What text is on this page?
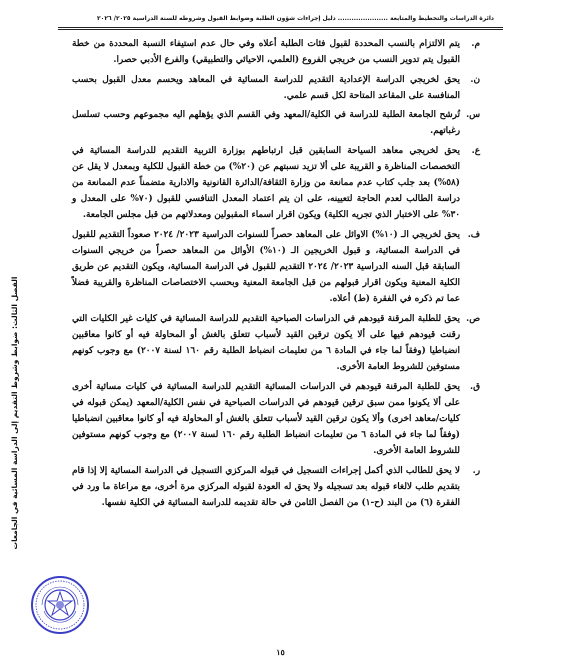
دائرة الدراسات والتخطيط والمتابعة ...................... دليل إجراءات شؤون الطلبة وضوابط القبول وشروطه للسنة الدراسية ٢٠٢٥/ ٢٠٢٦
الفصل الثالث: ضوابط وشروط التقديم إلى الدراسة المسائية في الجامعات
م.
يتم الالتزام بالنسب المحددة لقبول فئات الطلبة أعلاه وفي حال عدم استيفاء النسبة المحددة من خطة القبول يتم تدوير النسب من خريجي الفروع (العلمي، الاحيائي والتطبيقي) والفرع الأدبي حصرا.
ن.
يحق لخريجي الدراسة الإعدادية التقديم للدراسة المسائية في المعاهد ويحسم معدل القبول بحسب المنافسة على المقاعد المتاحة لكل قسم علمي.
س.
تُرشح الجامعة الطلبة للدراسة في الكلية/المعهد وفي القسم الذي يؤهلهم اليه مجموعهم وحسب تسلسل رغباتهم.
ع.
يحق لخريجي معاهد السياحة السابقين قبل ارتباطهم بوزارة التربية التقديم للدراسة المسائية في التخصصات المناظرة و القريبة على ألا تزيد نسبتهم عن (٢٠%) من خطة القبول للكلية وبمعدل لا يقل عن (٥٨%) بعد جلب كتاب عدم ممانعة من وزارة الثقافة/الدائرة القانونية والادارية متضمناً عدم الممانعة من دراسة الطالب لعدم الحاجة لتعيينه، على ان يتم اعتماد المعدل التنافسي للقبول (٧٠% على المعدل و ٣٠% على الاختبار الذي تجريه الكلية) ويكون اقرار اسماء المقبولين ومعدلاتهم من قبل مجلس الجامعة.
ف.
يحق لخريجي الـ (١٠%) الاوائل على المعاهد حصراً للسنوات الدراسية ٢٠٢٣/ ٢٠٢٤ صعوداً التقديم للقبول في الدراسة المسائية، و قبول الخريجين الـ (١٠%) الأوائل من المعاهد حصراً من خريجي السنوات السابقة قبل السنه الدراسية ٢٠٢٣/ ٢٠٢٤ التقديم للقبول في الدراسة المسائية، ويكون التقديم عن طريق الكلية المعنية ويكون اقرار قبولهم من قبل الجامعة المعنية وبحسب الاختصاصات المناظرة والقريبة فضلاً عما تم ذكره في الفقرة (ط) أعلاه.
ص.
يحق للطلبة المرقنة قيودهم في الدراسات الصباحية التقديم للدراسة المسائية في كليات غير الكليات التي رقنت قيودهم فيها على ألا يكون ترقين القيد لأسباب تتعلق بالغش أو المحاولة فيه أو كانوا معاقبين انضباطيا (وفقاً لما جاء في المادة ٦ من تعليمات انضباط الطلبة رقم ١٦٠ لسنة ٢٠٠٧) مع وجوب كونهم مستوفين للشروط العامة الأخرى.
ق.
يحق للطلبة المرقنة قيودهم في الدراسات المسائية التقديم للدراسة المسائية في كليات مسائية أخرى على ألا يكونوا ممن سبق ترقين قيودهم في الدراسات الصباحية في نفس الكلية/المعهد (يمكن قبوله في كليات/معاهد اخرى) وألا يكون ترقين القيد لأسباب تتعلق بالغش أو المحاولة فيه أو كانوا معاقبين انضباطيا (وفقاً لما جاء في المادة ٦ من تعليمات انضباط الطلبة رقم ١٦٠ لسنة ٢٠٠٧) مع وجوب كونهم مستوفين للشروط العامة الأخرى.
ر.
لا يحق للطالب الذي أكمل إجراءات التسجيل في قبوله المركزي التسجيل في الدراسة المسائية إلا إذا قام بتقديم طلب لالغاء قبوله بعد تسجيله ولا يحق له العودة لقبوله المركزي مرة أخرى، مع مراعاة ما ورد في الفقرة (٦) من البند (ح-١) من الفصل الثامن في حالة تقديمه للدراسة المسائية في الكلية نفسها.
١٥
